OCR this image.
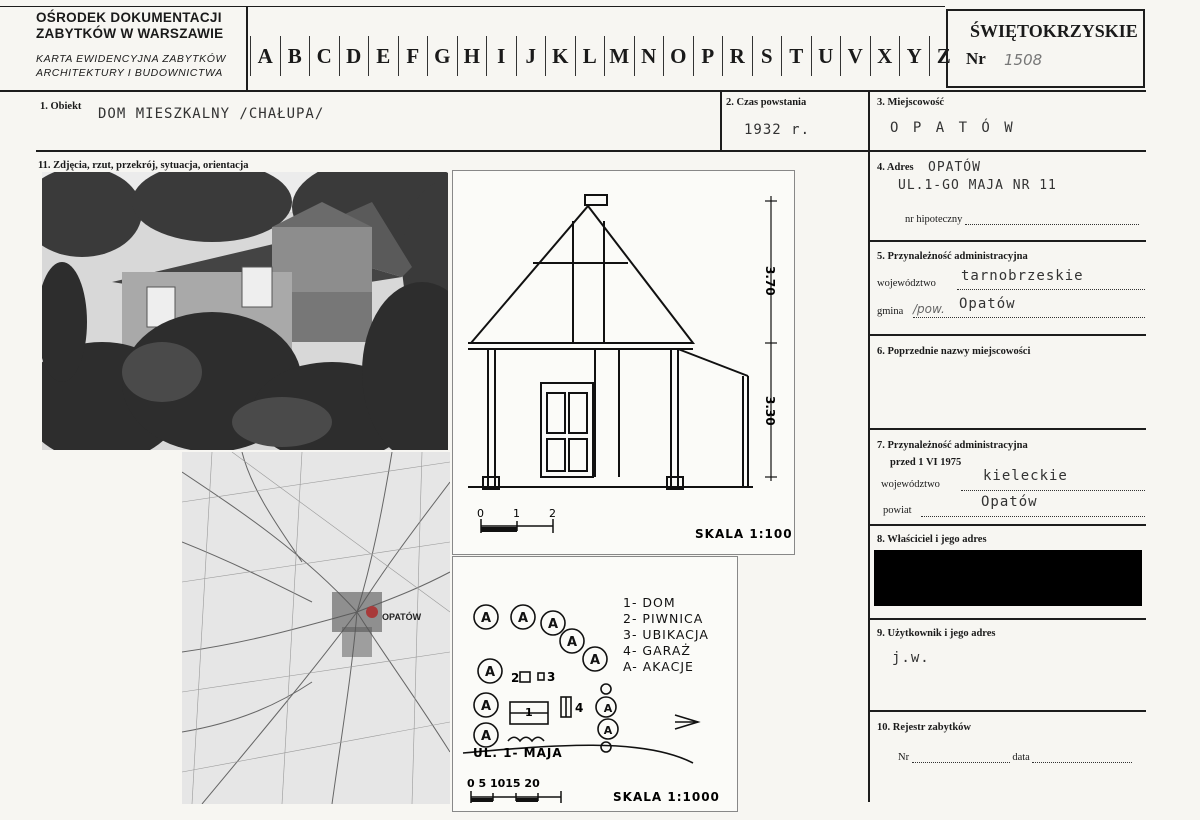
OŚRODEK DOKUMENTACJI
ZABYTKÓW W WARSZAWIE
KARTA EWIDENCYJNA ZABYTKÓW
ARCHITEKTURY I BUDOWNICTWA
A B C D E F G H I J K L M N O P R S T U V X Y Z
ŚWIĘTOKRZYSKIE
Nr 1508
1. Obiekt DOM MIESZKALNY /CHAŁUPA/
2. Czas powstania
1932 r.
3. Miejscowość
O P A T Ó W
11. Zdjęcia, rzut, przekrój, sytuacja, orientacja
OPATÓW
3.70
3.30
0	1	2
SKALA 1:100
A A A
A
A
A
A
A
A
A
2 3
1	4
UL. 1- MAJA
0 5 1015 20
SKALA 1:1000
1- DOM
2- PIWNICA
3- UBIKACJA
4- GARAŻ
A- AKACJE
4. Adres OPATÓW
UL.1-GO MAJA NR 11
nr hipoteczny
5. Przynależność administracyjna
województwo tarnobrzeskie
gmina /pow. Opatów
6. Poprzednie nazwy miejscowości
7. Przynależność administracyjna
przed 1 VI 1975
województwo
kieleckie
powiat
Opatów
8. Właściciel i jego adres
9. Użytkownik i jego adres
j.w.
10. Rejestr zabytków
Nr	data
